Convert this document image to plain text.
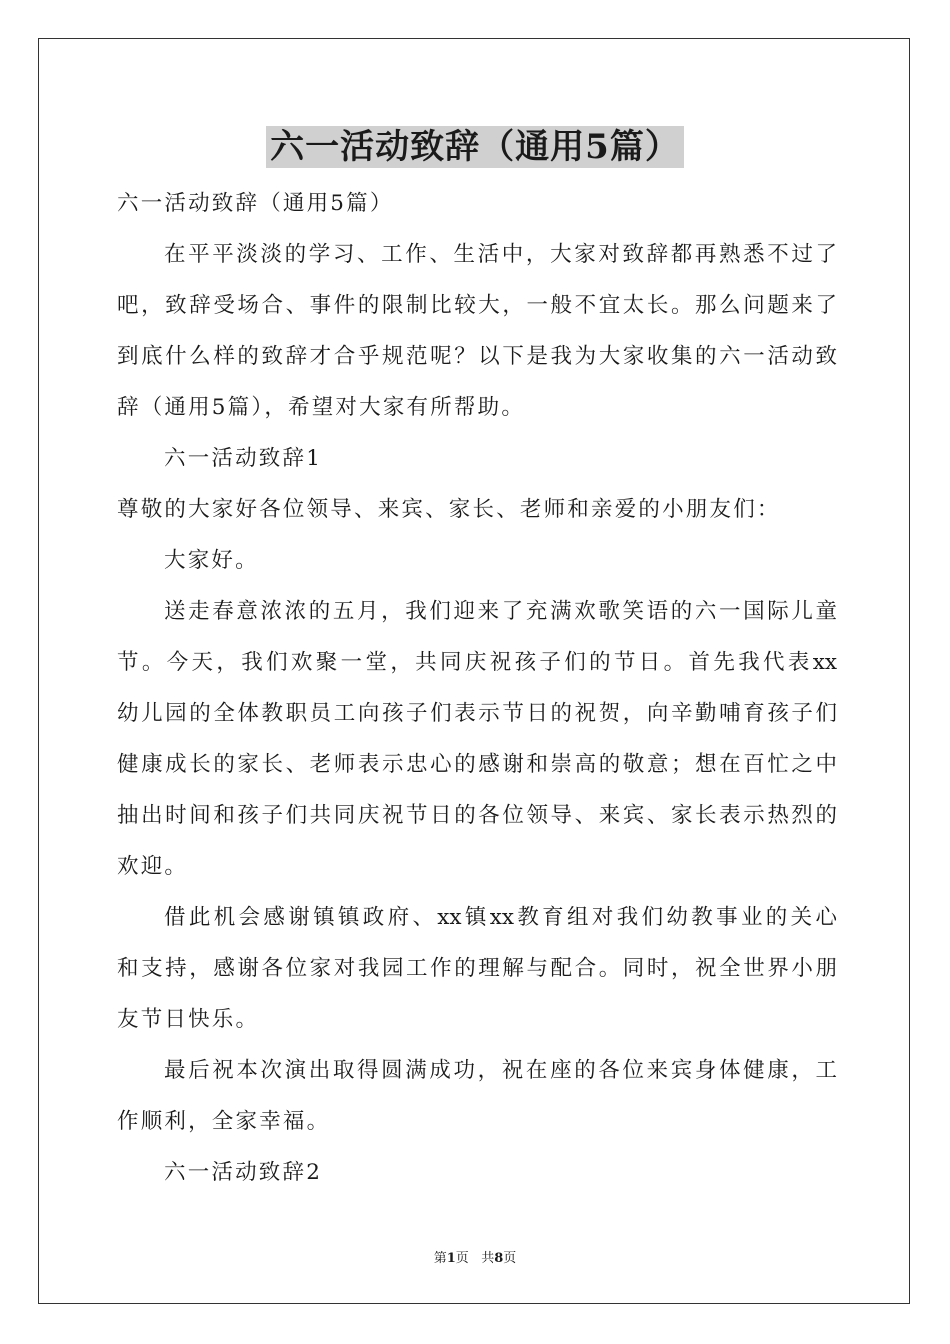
六一活动致辞（通用5篇）
六一活动致辞（通用5篇）
在平平淡淡的学习、工作、生活中，大家对致辞都再熟悉不过了
吧，致辞受场合、事件的限制比较大，一般不宜太长。那么问题来了
到底什么样的致辞才合乎规范呢？以下是我为大家收集的六一活动致
辞（通用5篇），希望对大家有所帮助。
六一活动致辞1
尊敬的大家好各位领导、来宾、家长、老师和亲爱的小朋友们：
大家好。
送走春意浓浓的五月，我们迎来了充满欢歌笑语的六一国际儿童
节。今天，我们欢聚一堂，共同庆祝孩子们的节日。首先我代表xx
幼儿园的全体教职员工向孩子们表示节日的祝贺，向辛勤哺育孩子们
健康成长的家长、老师表示忠心的感谢和崇高的敬意；想在百忙之中
抽出时间和孩子们共同庆祝节日的各位领导、来宾、家长表示热烈的
欢迎。
借此机会感谢镇镇政府、xx镇xx教育组对我们幼教事业的关心
和支持，感谢各位家对我园工作的理解与配合。同时，祝全世界小朋
友节日快乐。
最后祝本次演出取得圆满成功，祝在座的各位来宾身体健康，工
作顺利，全家幸福。
六一活动致辞2
第1页 共8页
